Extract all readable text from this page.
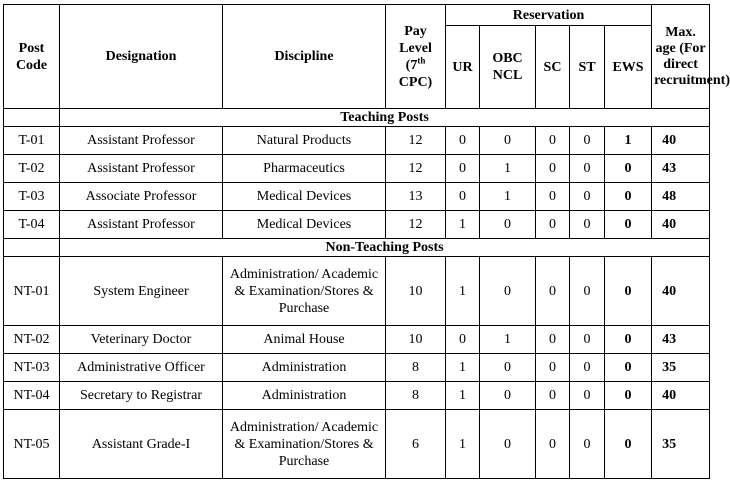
Post Code	Designation	Discipline	Pay Level (7th CPC)	Reservation					Max. age (For direct recruitment)
				UR	OBC NCL	SC	ST	EWS	
	Teaching Posts								
T-01	Assistant Professor	Natural Products	12	0	0	0	0	1	40
T-02	Assistant Professor	Pharmaceutics	12	0	1	0	0	0	43
T-03	Associate Professor	Medical Devices	13	0	1	0	0	0	48
T-04	Assistant Professor	Medical Devices	12	1	0	0	0	0	40
	Non-Teaching Posts								
NT-01	System Engineer	Administration/ Academic & Examination/Stores & Purchase	10	1	0	0	0	0	40
NT-02	Veterinary Doctor	Animal House	10	0	1	0	0	0	43
NT-03	Administrative Officer	Administration	8	1	0	0	0	0	35
NT-04	Secretary to Registrar	Administration	8	1	0	0	0	0	40
NT-05	Assistant Grade-I	Administration/ Academic & Examination/Stores & Purchase	6	1	0	0	0	0	35
